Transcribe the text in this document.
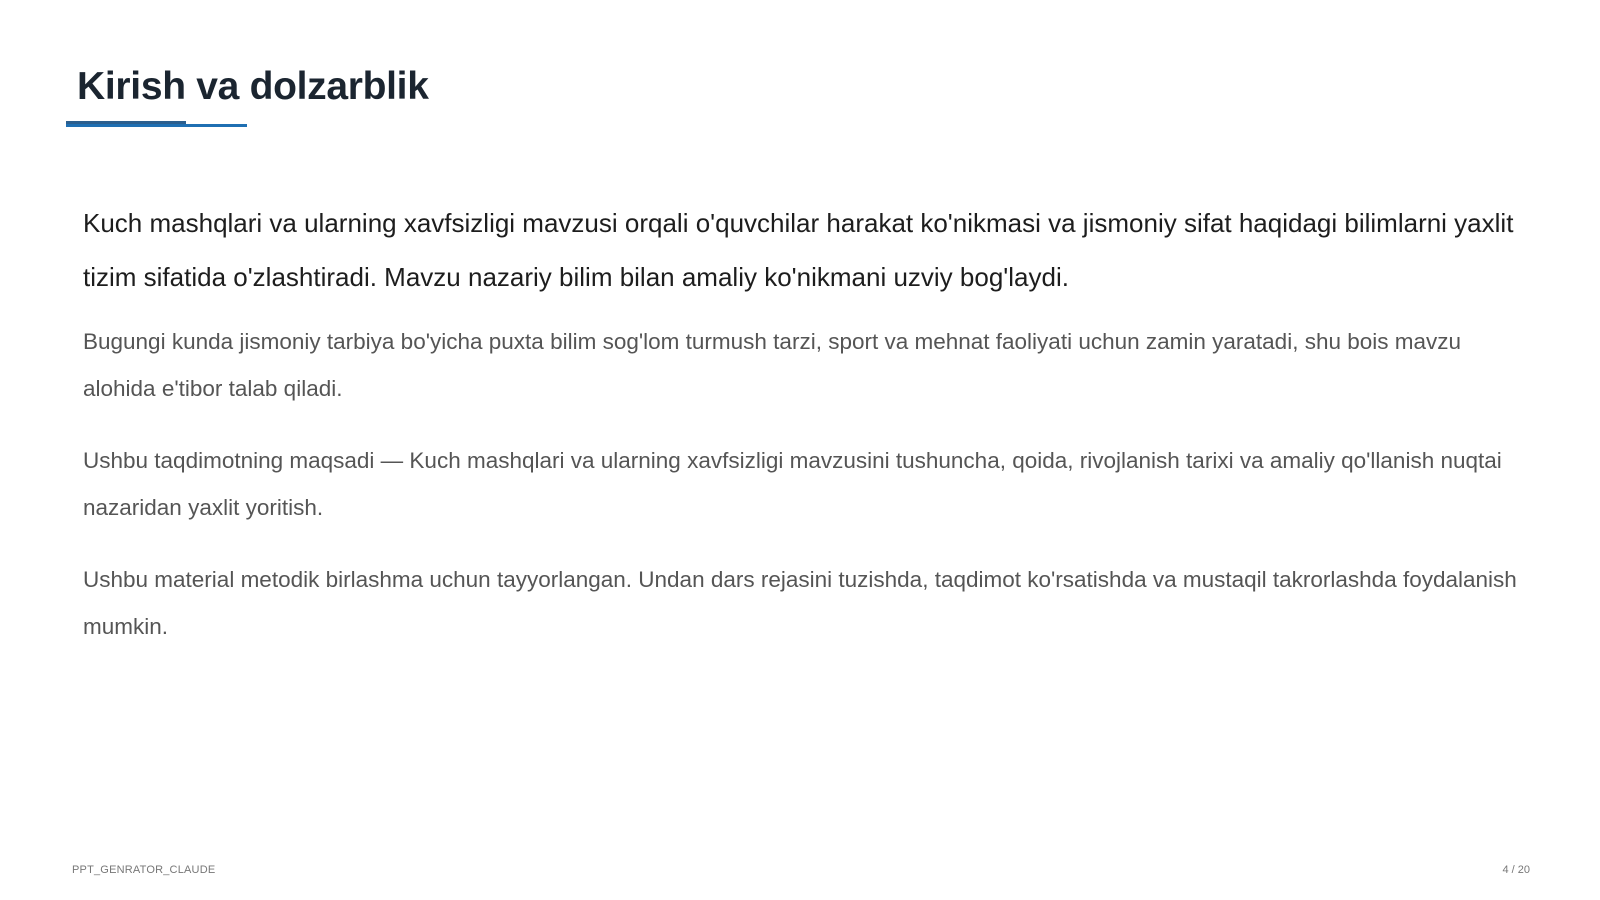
Kirish va dolzarblik

Kuch mashqlari va ularning xavfsizligi mavzusi orqali o'quvchilar harakat ko'nikmasi va jismoniy sifat haqidagi bilimlarni yaxlit tizim sifatida o'zlashtiradi. Mavzu nazariy bilim bilan amaliy ko'nikmani uzviy bog'laydi.

Bugungi kunda jismoniy tarbiya bo'yicha puxta bilim sog'lom turmush tarzi, sport va mehnat faoliyati uchun zamin yaratadi, shu bois mavzu alohida e'tibor talab qiladi.

Ushbu taqdimotning maqsadi — Kuch mashqlari va ularning xavfsizligi mavzusini tushuncha, qoida, rivojlanish tarixi va amaliy qo'llanish nuqtai nazaridan yaxlit yoritish.

Ushbu material metodik birlashma uchun tayyorlangan. Undan dars rejasini tuzishda, taqdimot ko'rsatishda va mustaqil takrorlashda foydalanish mumkin.

PPT_GENRATOR_CLAUDE	4 / 20
